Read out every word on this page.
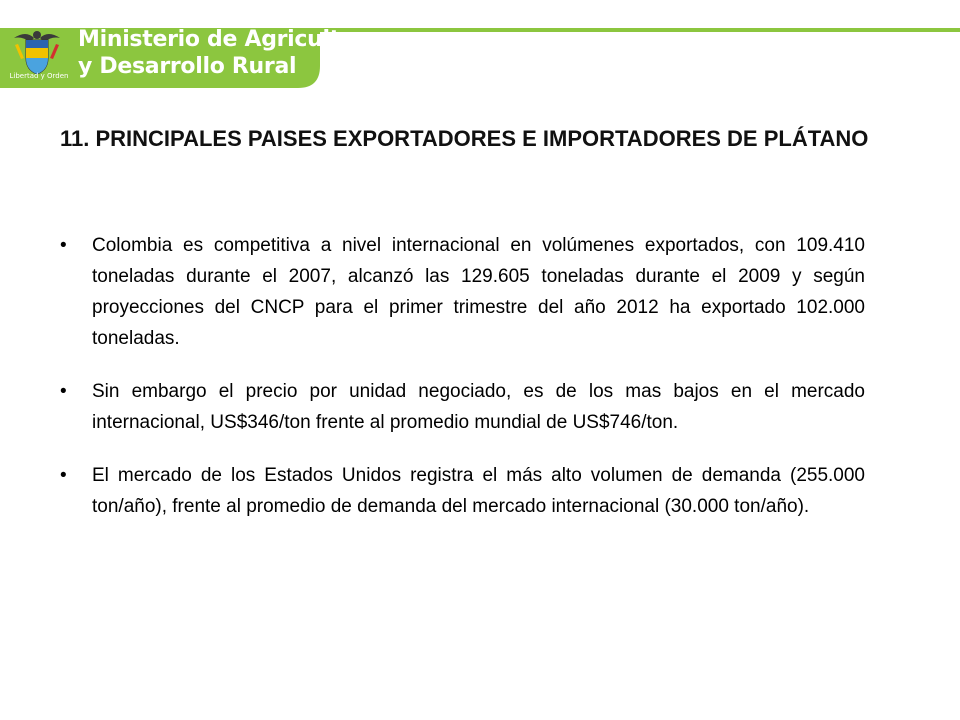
Libertad y Orden
Ministerio de Agricultura
y Desarrollo Rural
11. PRINCIPALES PAISES EXPORTADORES E IMPORTADORES DE PLÁTANO
• Colombia es competitiva a nivel internacional en volúmenes exportados, con 109.410 toneladas durante el 2007, alcanzó las 129.605 toneladas durante el 2009 y según proyecciones del CNCP para el primer trimestre del año 2012 ha exportado 102.000 toneladas.
• Sin embargo el precio por unidad negociado, es de los mas bajos en el mercado internacional, US$346/ton frente al promedio mundial de US$746/ton.
• El mercado de los Estados Unidos registra el más alto volumen de demanda (255.000 ton/año), frente al promedio de demanda del mercado internacional (30.000 ton/año).
